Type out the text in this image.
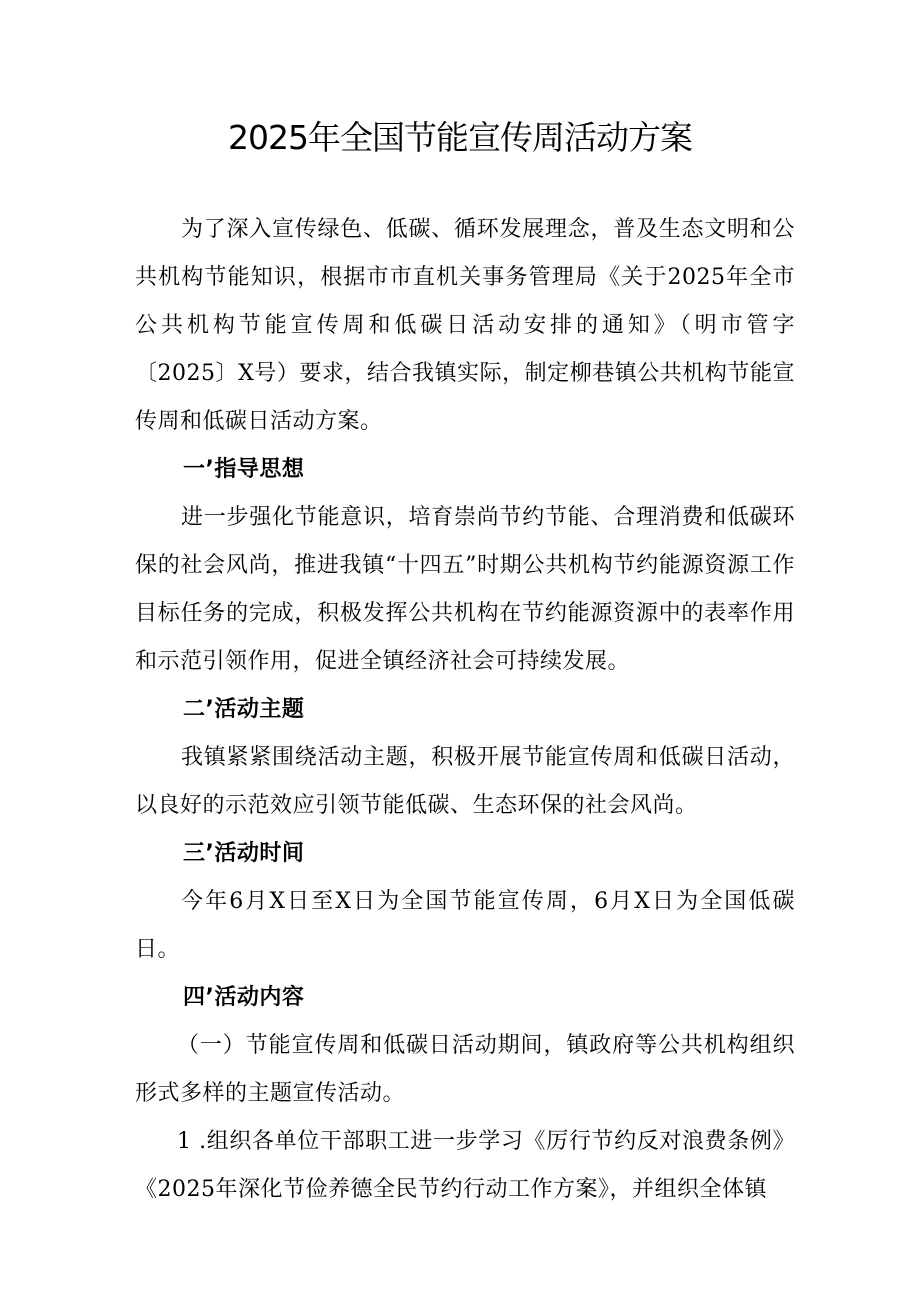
2025年全国节能宣传周活动方案

为了深入宣传绿色、低碳、循环发展理念，普及生态文明和公共机构节能知识，根据市市直机关事务管理局《关于2025年全市公共机构节能宣传周和低碳日活动安排的通知》（明市管字〔2025〕X号）要求，结合我镇实际，制定柳巷镇公共机构节能宣传周和低碳日活动方案。

一’指导思想

进一步强化节能意识，培育崇尚节约节能、合理消费和低碳环保的社会风尚，推进我镇“十四五”时期公共机构节约能源资源工作目标任务的完成，积极发挥公共机构在节约能源资源中的表率作用和示范引领作用，促进全镇经济社会可持续发展。

二’活动主题

我镇紧紧围绕活动主题，积极开展节能宣传周和低碳日活动，以良好的示范效应引领节能低碳、生态环保的社会风尚。

三’活动时间

今年6月X日至X日为全国节能宣传周，6月X日为全国低碳日。

四’活动内容

（一）节能宣传周和低碳日活动期间，镇政府等公共机构组织形式多样的主题宣传活动。

1 .组织各单位干部职工进一步学习《厉行节约反对浪费条例》《2025年深化节俭养德全民节约行动工作方案》，并组织全体镇
